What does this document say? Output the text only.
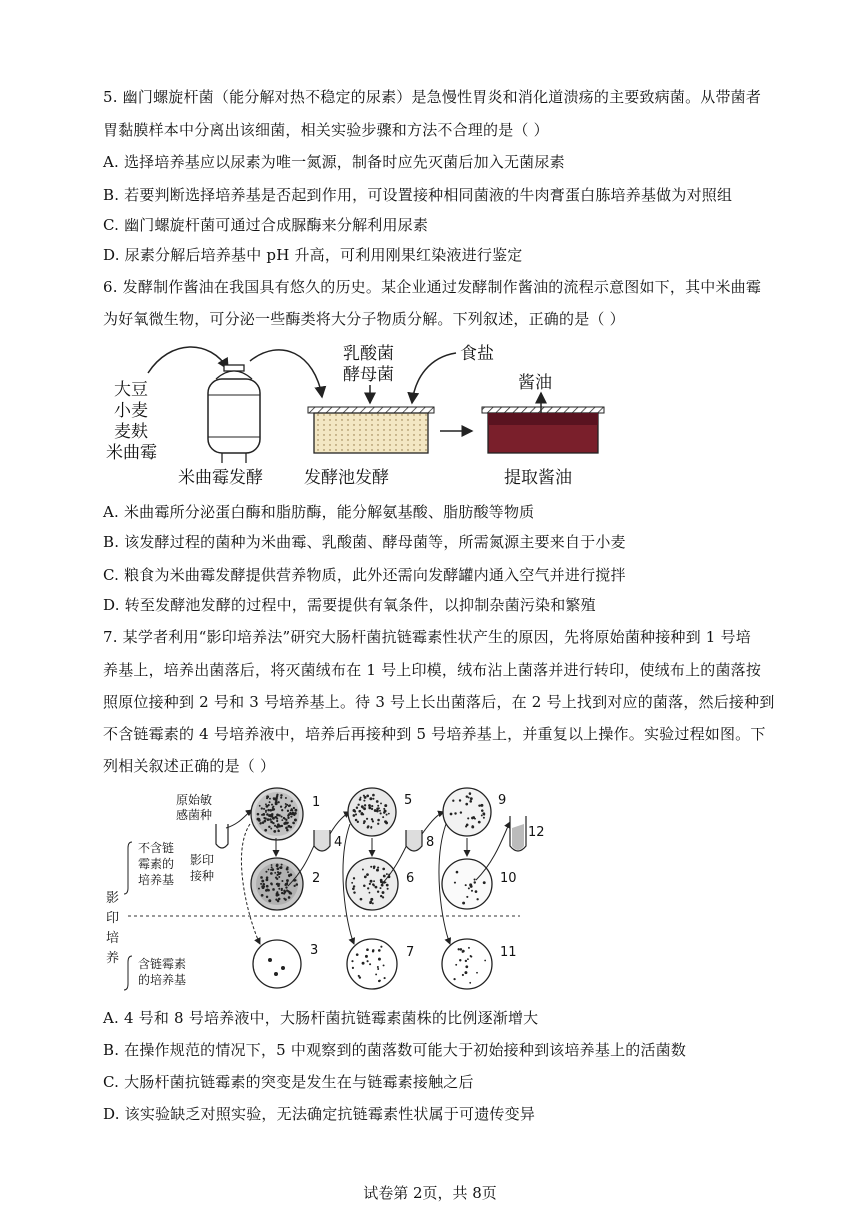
5. 幽门螺旋杆菌（能分解对热不稳定的尿素）是急慢性胃炎和消化道溃疡的主要致病菌。从带菌者
胃黏膜样本中分离出该细菌，相关实验步骤和方法不合理的是（ ）
A. 选择培养基应以尿素为唯一氮源，制备时应先灭菌后加入无菌尿素
B. 若要判断选择培养基是否起到作用，可设置接种相同菌液的牛肉膏蛋白胨培养基做为对照组
C. 幽门螺旋杆菌可通过合成脲酶来分解利用尿素
D. 尿素分解后培养基中 pH 升高，可利用刚果红染液进行鉴定
6. 发酵制作酱油在我国具有悠久的历史。某企业通过发酵制作酱油的流程示意图如下，其中米曲霉
为好氧微生物，可分泌一些酶类将大分子物质分解。下列叙述，正确的是（ ）
大豆
小麦
麦麸
米曲霉
米曲霉发酵
乳酸菌
酵母菌
食盐
发酵池发酵
酱油
提取酱油
A. 米曲霉所分泌蛋白酶和脂肪酶，能分解氨基酸、脂肪酸等物质
B. 该发酵过程的菌种为米曲霉、乳酸菌、酵母菌等，所需氮源主要来自于小麦
C. 粮食为米曲霉发酵提供营养物质，此外还需向发酵罐内通入空气并进行搅拌
D. 转至发酵池发酵的过程中，需要提供有氧条件，以抑制杂菌污染和繁殖
7. 某学者利用“影印培养法”研究大肠杆菌抗链霉素性状产生的原因，先将原始菌种接种到 1 号培
养基上，培养出菌落后，将灭菌绒布在 1 号上印模，绒布沾上菌落并进行转印，使绒布上的菌落按
照原位接种到 2 号和 3 号培养基上。待 3 号上长出菌落后，在 2 号上找到对应的菌落，然后接种到
不含链霉素的 4 号培养液中，培养后再接种到 5 号培养基上，并重复以上操作。实验过程如图。下
列相关叙述正确的是（ ）
原始敏
感菌种
不含链
霉素的
培养基
影印
接种
影
印
培
养 含链霉素
的培养基
1
2
3
4
5
6
7
8
9
10
11
12
A. 4 号和 8 号培养液中，大肠杆菌抗链霉素菌株的比例逐渐增大
B. 在操作规范的情况下，5 中观察到的菌落数可能大于初始接种到该培养基上的活菌数
C. 大肠杆菌抗链霉素的突变是发生在与链霉素接触之后
D. 该实验缺乏对照实验，无法确定抗链霉素性状属于可遗传变异
试卷第 2页，共 8页
